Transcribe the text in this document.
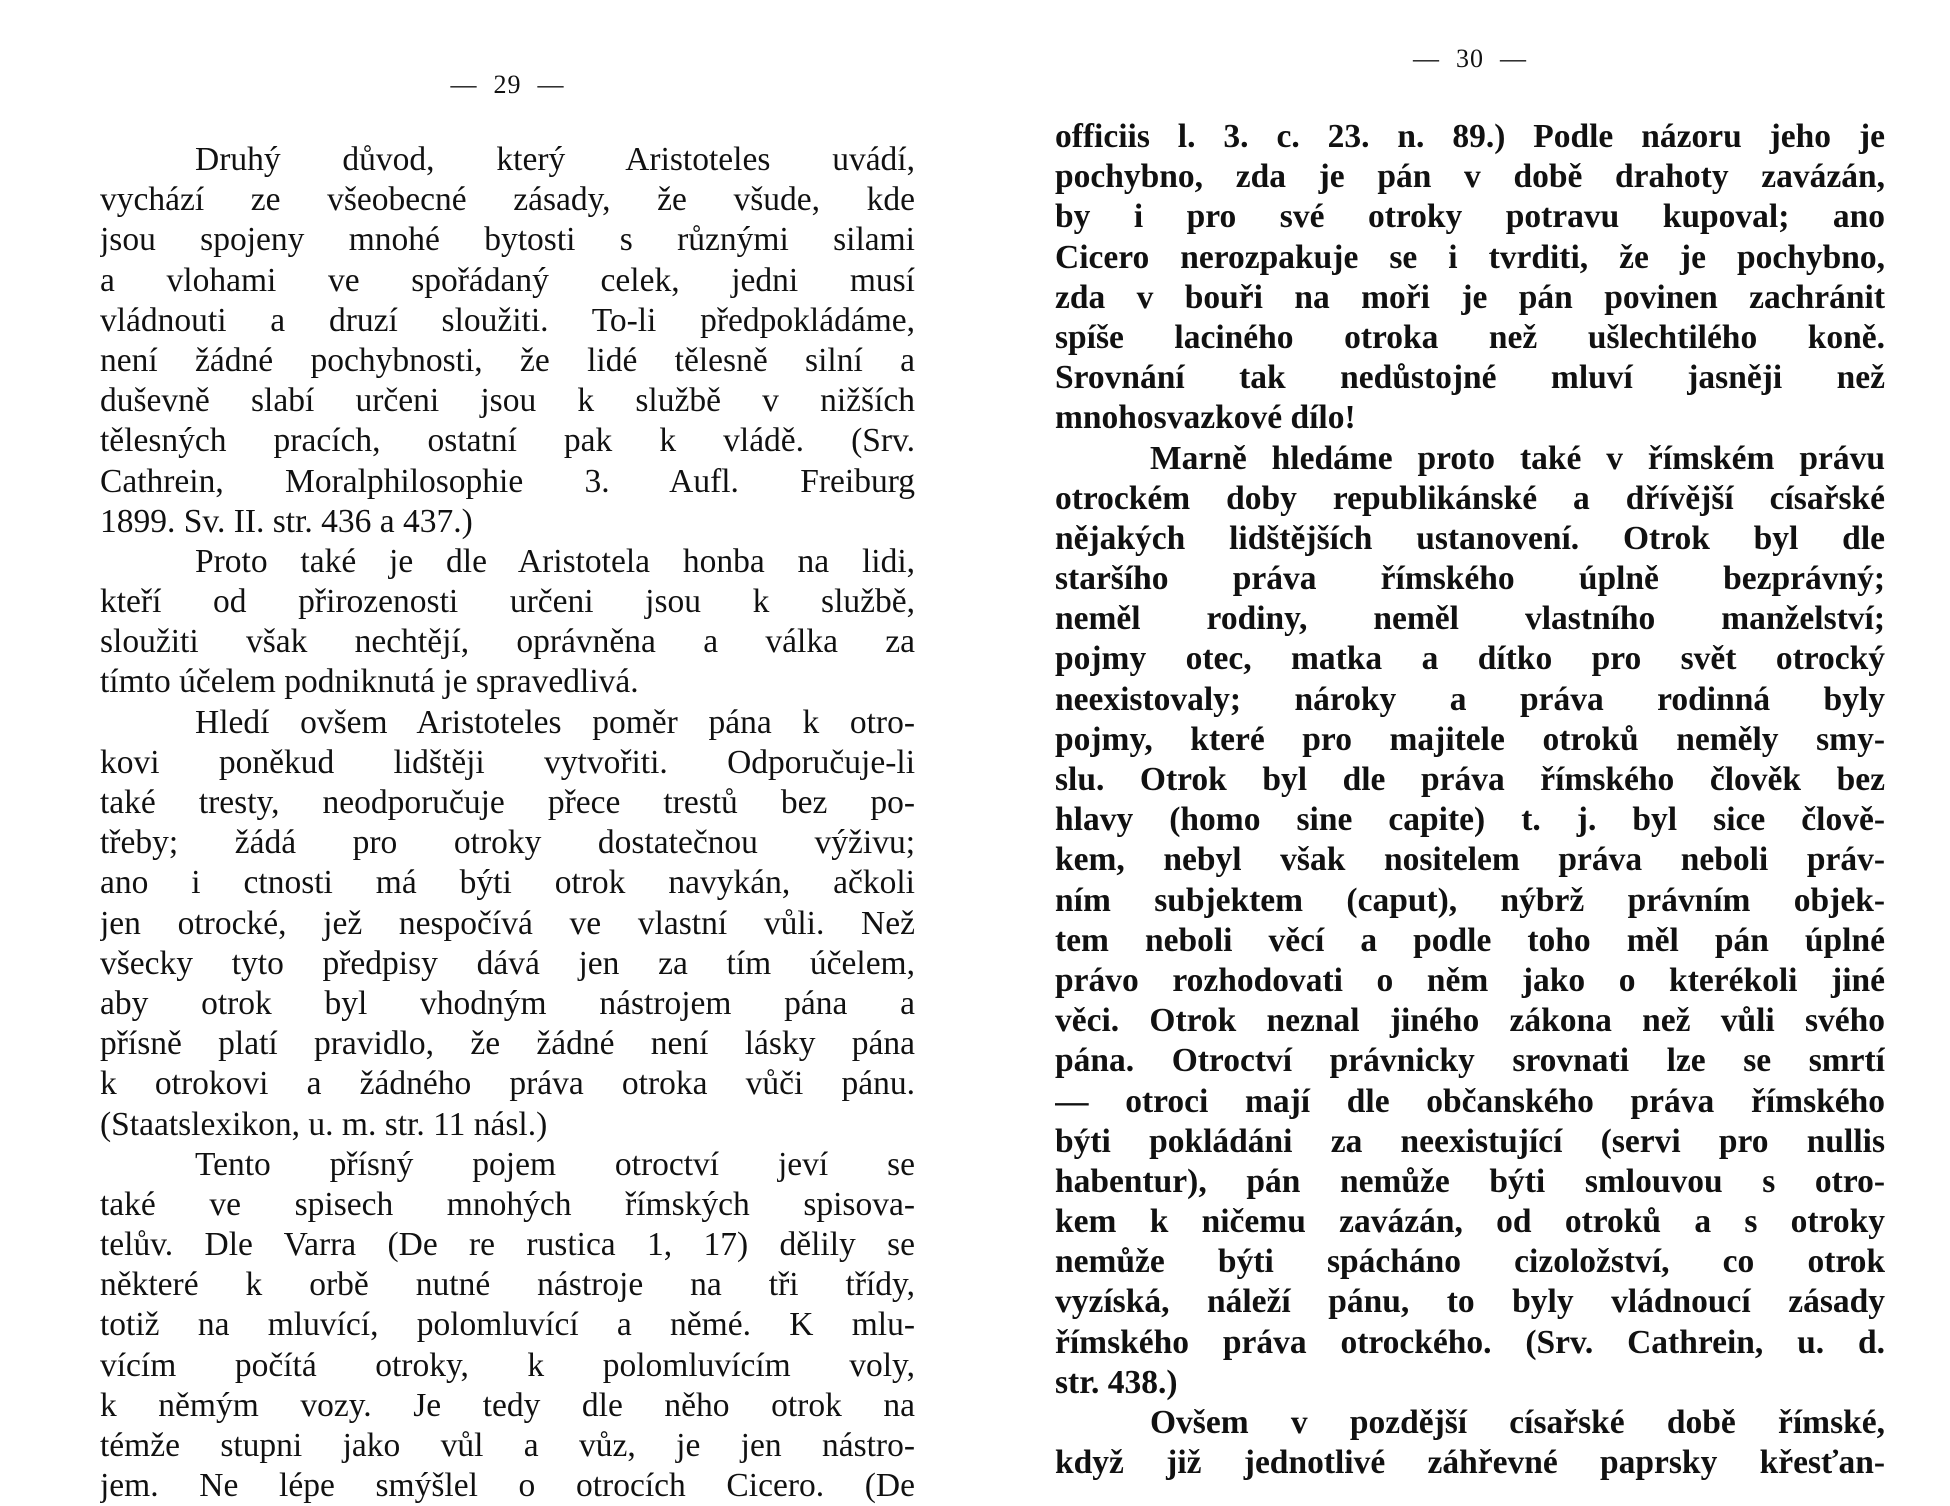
— 29 —
Druhý důvod, který Aristoteles uvádí,
vychází ze všeobecné zásady, že všude, kde
jsou spojeny mnohé bytosti s různými silami
a vlohami ve spořádaný celek, jedni musí
vládnouti a druzí sloužiti. To-li předpokládáme,
není žádné pochybnosti, že lidé tělesně silní a
duševně slabí určeni jsou k službě v nižších
tělesných pracích, ostatní pak k vládě. (Srv.
Cathrein, Moralphilosophie 3. Aufl. Freiburg
1899. Sv. II. str. 436 a 437.)
Proto také je dle Aristotela honba na lidi,
kteří od přirozenosti určeni jsou k službě,
sloužiti však nechtějí, oprávněna a válka za
tímto účelem podniknutá je spravedlivá.
Hledí ovšem Aristoteles poměr pána k otro-
kovi poněkud lidštěji vytvořiti. Odporučuje-li
také tresty, neodporučuje přece trestů bez po-
třeby; žádá pro otroky dostatečnou výživu;
ano i ctnosti má býti otrok navykán, ačkoli
jen otrocké, jež nespočívá ve vlastní vůli. Než
všecky tyto předpisy dává jen za tím účelem,
aby otrok byl vhodným nástrojem pána a
přísně platí pravidlo, že žádné není lásky pána
k otrokovi a žádného práva otroka vůči pánu.
(Staatslexikon, u. m. str. 11 násl.)
Tento přísný pojem otroctví jeví se
také ve spisech mnohých římských spisova-
telův. Dle Varra (De re rustica 1, 17) dělily se
některé k orbě nutné nástroje na tři třídy,
totiž na mluvící, polomluvící a němé. K mlu-
vícím počítá otroky, k polomluvícím voly,
k němým vozy. Je tedy dle něho otrok na
témže stupni jako vůl a vůz, je jen nástro-
jem. Ne lépe smýšlel o otrocích Cicero. (De
— 30 —
officiis l. 3. c. 23. n. 89.) Podle názoru jeho je
pochybno, zda je pán v době drahoty zavázán,
by i pro své otroky potravu kupoval; ano
Cicero nerozpakuje se i tvrditi, že je pochybno,
zda v bouři na moři je pán povinen zachránit
spíše laciného otroka než ušlechtilého koně.
Srovnání tak nedůstojné mluví jasněji než
mnohosvazkové dílo!
Marně hledáme proto také v římském právu
otrockém doby republikánské a dřívější císařské
nějakých lidštějších ustanovení. Otrok byl dle
staršího práva římského úplně bezprávný;
neměl rodiny, neměl vlastního manželství;
pojmy otec, matka a dítko pro svět otrocký
neexistovaly; nároky a práva rodinná byly
pojmy, které pro majitele otroků neměly smy-
slu. Otrok byl dle práva římského člověk bez
hlavy (homo sine capite) t. j. byl sice člově-
kem, nebyl však nositelem práva neboli práv-
ním subjektem (caput), nýbrž právním objek-
tem neboli věcí a podle toho měl pán úplné
právo rozhodovati o něm jako o kterékoli jiné
věci. Otrok neznal jiného zákona než vůli svého
pána. Otroctví právnicky srovnati lze se smrtí
— otroci mají dle občanského práva římského
býti pokládáni za neexistující (servi pro nullis
habentur), pán nemůže býti smlouvou s otro-
kem k ničemu zavázán, od otroků a s otroky
nemůže býti spácháno cizoložství, co otrok
vyzíská, náleží pánu, to byly vládnoucí zásady
římského práva otrockého. (Srv. Cathrein, u. d.
str. 438.)
Ovšem v pozdější císařské době římské,
když již jednotlivé záhřevné paprsky křesťan-
